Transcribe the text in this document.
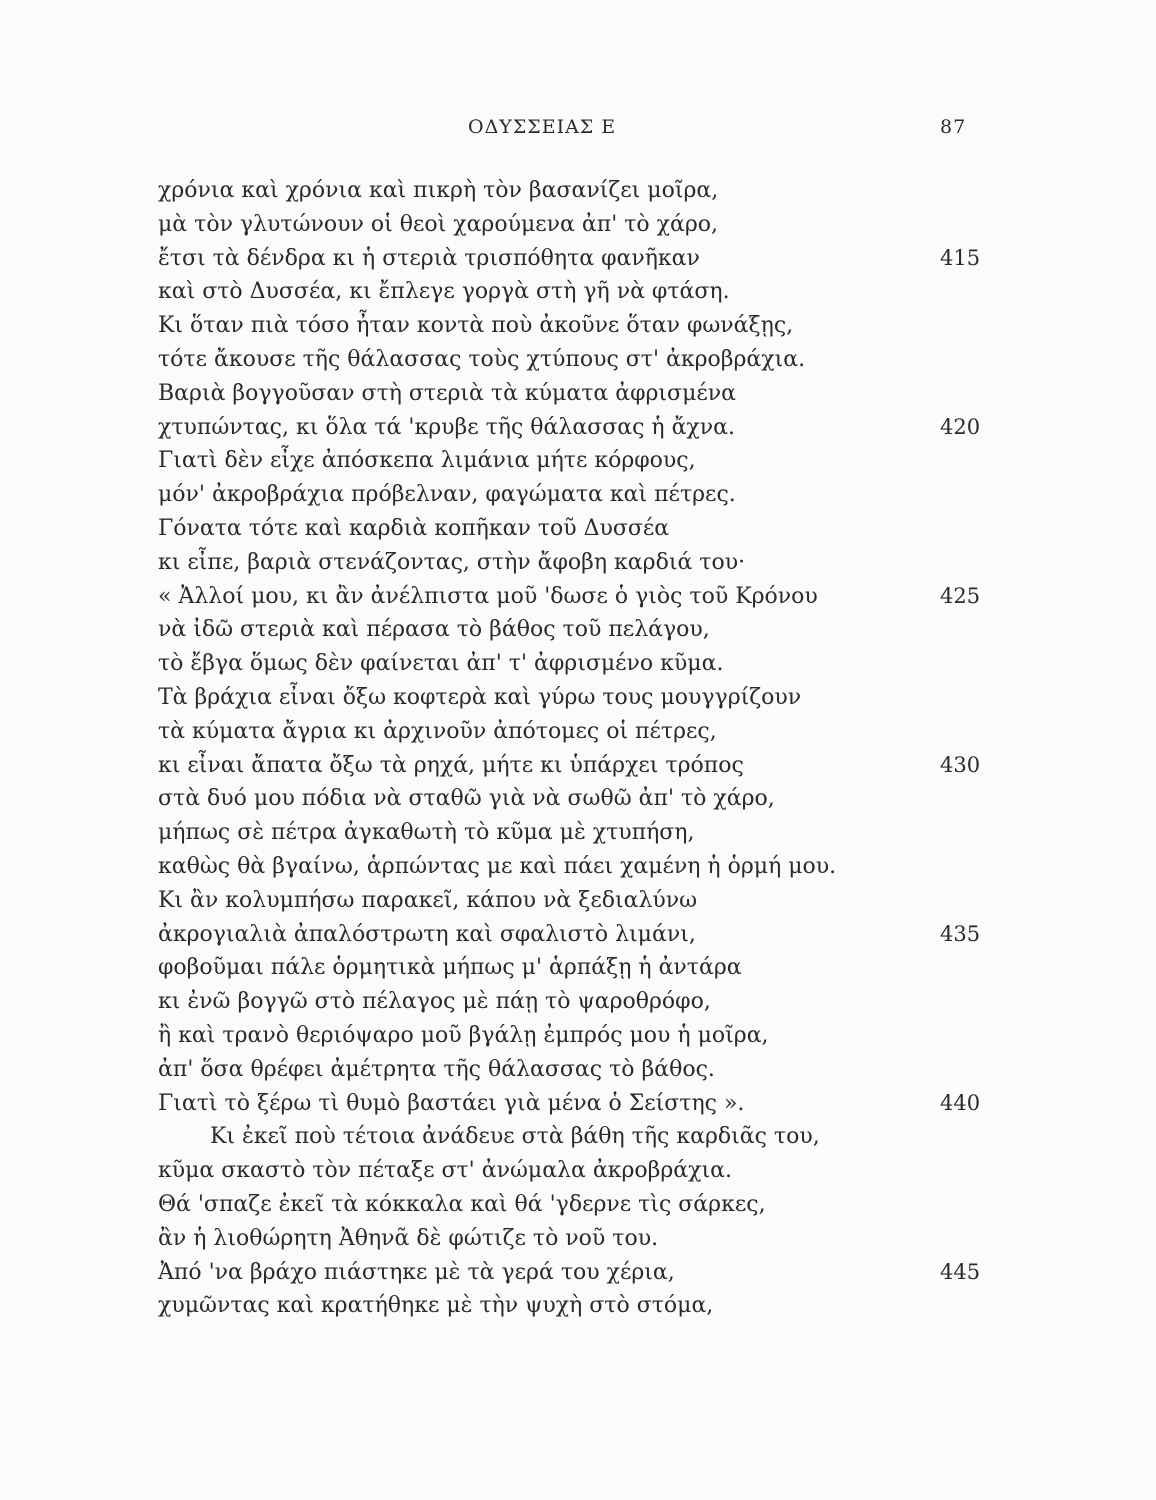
ΟΔΥΣΣΕΙΑΣ Ε	87
χρόνια καὶ χρόνια καὶ πικρὴ τὸν βασανίζει μοῖρα,
μὰ τὸν γλυτώνουν οἱ θεοὶ χαρούμενα ἀπ' τὸ χάρο,
ἔτσι τὰ δένδρα κι ἡ στεριὰ τρισπόθητα φανῆκαν	415
καὶ στὸ Δυσσέα, κι ἔπλεγε γοργὰ στὴ γῆ νὰ φτάση.
Κι ὅταν πιὰ τόσο ἦταν κοντὰ ποὺ ἀκοῦνε ὅταν φωνάξῃς,
τότε ἄκουσε τῆς θάλασσας τοὺς χτύπους στ' ἀκροβράχια.
Βαριὰ βογγοῦσαν στὴ στεριὰ τὰ κύματα ἀφρισμένα
χτυπώντας, κι ὅλα τά 'κρυβε τῆς θάλασσας ἡ ἄχνα.	420
Γιατὶ δὲν εἶχε ἀπόσκεπα λιμάνια μήτε κόρφους,
μόν' ἀκροβράχια πρόβελναν, φαγώματα καὶ πέτρες.
Γόνατα τότε καὶ καρδιὰ κοπῆκαν τοῦ Δυσσέα
κι εἶπε, βαριὰ στενάζοντας, στὴν ἄφοβη καρδιά του·
« Ἀλλοί μου, κι ἂν ἀνέλπιστα μοῦ 'δωσε ὁ γιὸς τοῦ Κρόνου	425
νὰ ἰδῶ στεριὰ καὶ πέρασα τὸ βάθος τοῦ πελάγου,
τὸ ἔβγα ὅμως δὲν φαίνεται ἀπ' τ' ἀφρισμένο κῦμα.
Τὰ βράχια εἶναι ὄξω κοφτερὰ καὶ γύρω τους μουγγρίζουν
τὰ κύματα ἄγρια κι ἀρχινοῦν ἀπότομες οἱ πέτρες,
κι εἶναι ἄπατα ὄξω τὰ ρηχά, μήτε κι ὑπάρχει τρόπος	430
στὰ δυό μου πόδια νὰ σταθῶ γιὰ νὰ σωθῶ ἀπ' τὸ χάρο,
μήπως σὲ πέτρα ἀγκαθωτὴ τὸ κῦμα μὲ χτυπήση,
καθὼς θὰ βγαίνω, ἁρπώντας με καὶ πάει χαμένη ἡ ὁρμή μου.
Κι ἂν κολυμπήσω παρακεῖ, κάπου νὰ ξεδιαλύνω
ἀκρογιαλιὰ ἀπαλόστρωτη καὶ σφαλιστὸ λιμάνι,	435
φοβοῦμαι πάλε ὁρμητικὰ μήπως μ' ἁρπάξῃ ἡ ἀντάρα
κι ἐνῶ βογγῶ στὸ πέλαγος μὲ πάῃ τὸ ψαροθρόφο,
ἢ καὶ τρανὸ θεριόψαρο μοῦ βγάλῃ ἐμπρός μου ἡ μοῖρα,
ἀπ' ὅσα θρέφει ἀμέτρητα τῆς θάλασσας τὸ βάθος.
Γιατὶ τὸ ξέρω τὶ θυμὸ βαστάει γιὰ μένα ὁ Σείστης ».	440
Κι ἐκεῖ ποὺ τέτοια ἀνάδευε στὰ βάθη τῆς καρδιᾶς του,
κῦμα σκαστὸ τὸν πέταξε στ' ἀνώμαλα ἀκροβράχια.
Θά 'σπαζε ἐκεῖ τὰ κόκκαλα καὶ θά 'γδερνε τὶς σάρκες,
ἂν ἡ λιοθώρητη Ἀθηνᾶ δὲ φώτιζε τὸ νοῦ του.
Ἀπό 'να βράχο πιάστηκε μὲ τὰ γερά του χέρια,	445
χυμῶντας καὶ κρατήθηκε μὲ τὴν ψυχὴ στὸ στόμα,
